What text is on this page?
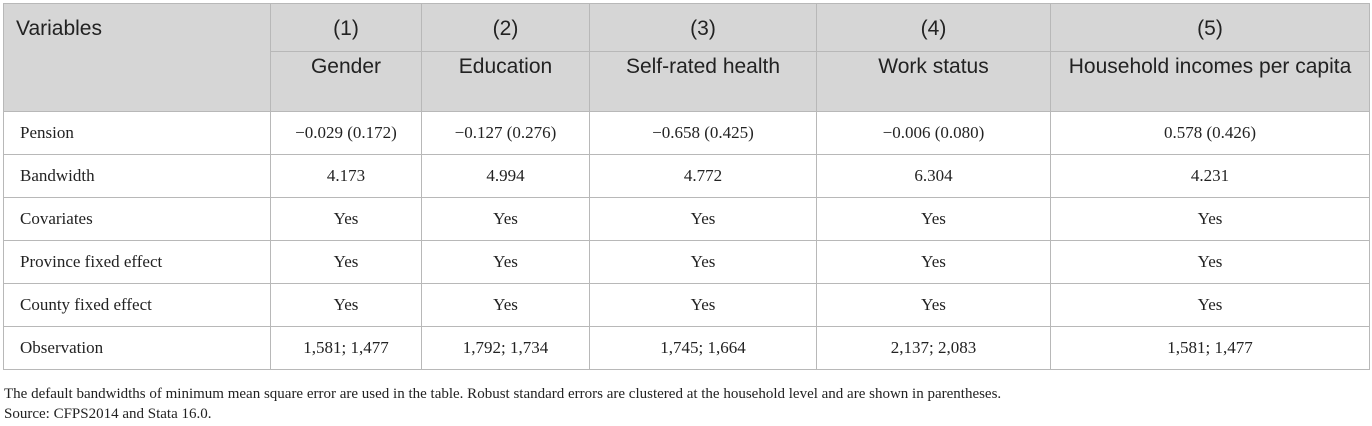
Variables	(1)	(2)	(3)	(4)	(5)
	Gender	Education	Self-rated health	Work status	Household incomes per capita
Pension	−0.029 (0.172)	−0.127 (0.276)	−0.658 (0.425)	−0.006 (0.080)	0.578 (0.426)
Bandwidth	4.173	4.994	4.772	6.304	4.231
Covariates	Yes	Yes	Yes	Yes	Yes
Province fixed effect	Yes	Yes	Yes	Yes	Yes
County fixed effect	Yes	Yes	Yes	Yes	Yes
Observation	1,581; 1,477	1,792; 1,734	1,745; 1,664	2,137; 2,083	1,581; 1,477
The default bandwidths of minimum mean square error are used in the table. Robust standard errors are clustered at the household level and are shown in parentheses.
Source: CFPS2014 and Stata 16.0.
